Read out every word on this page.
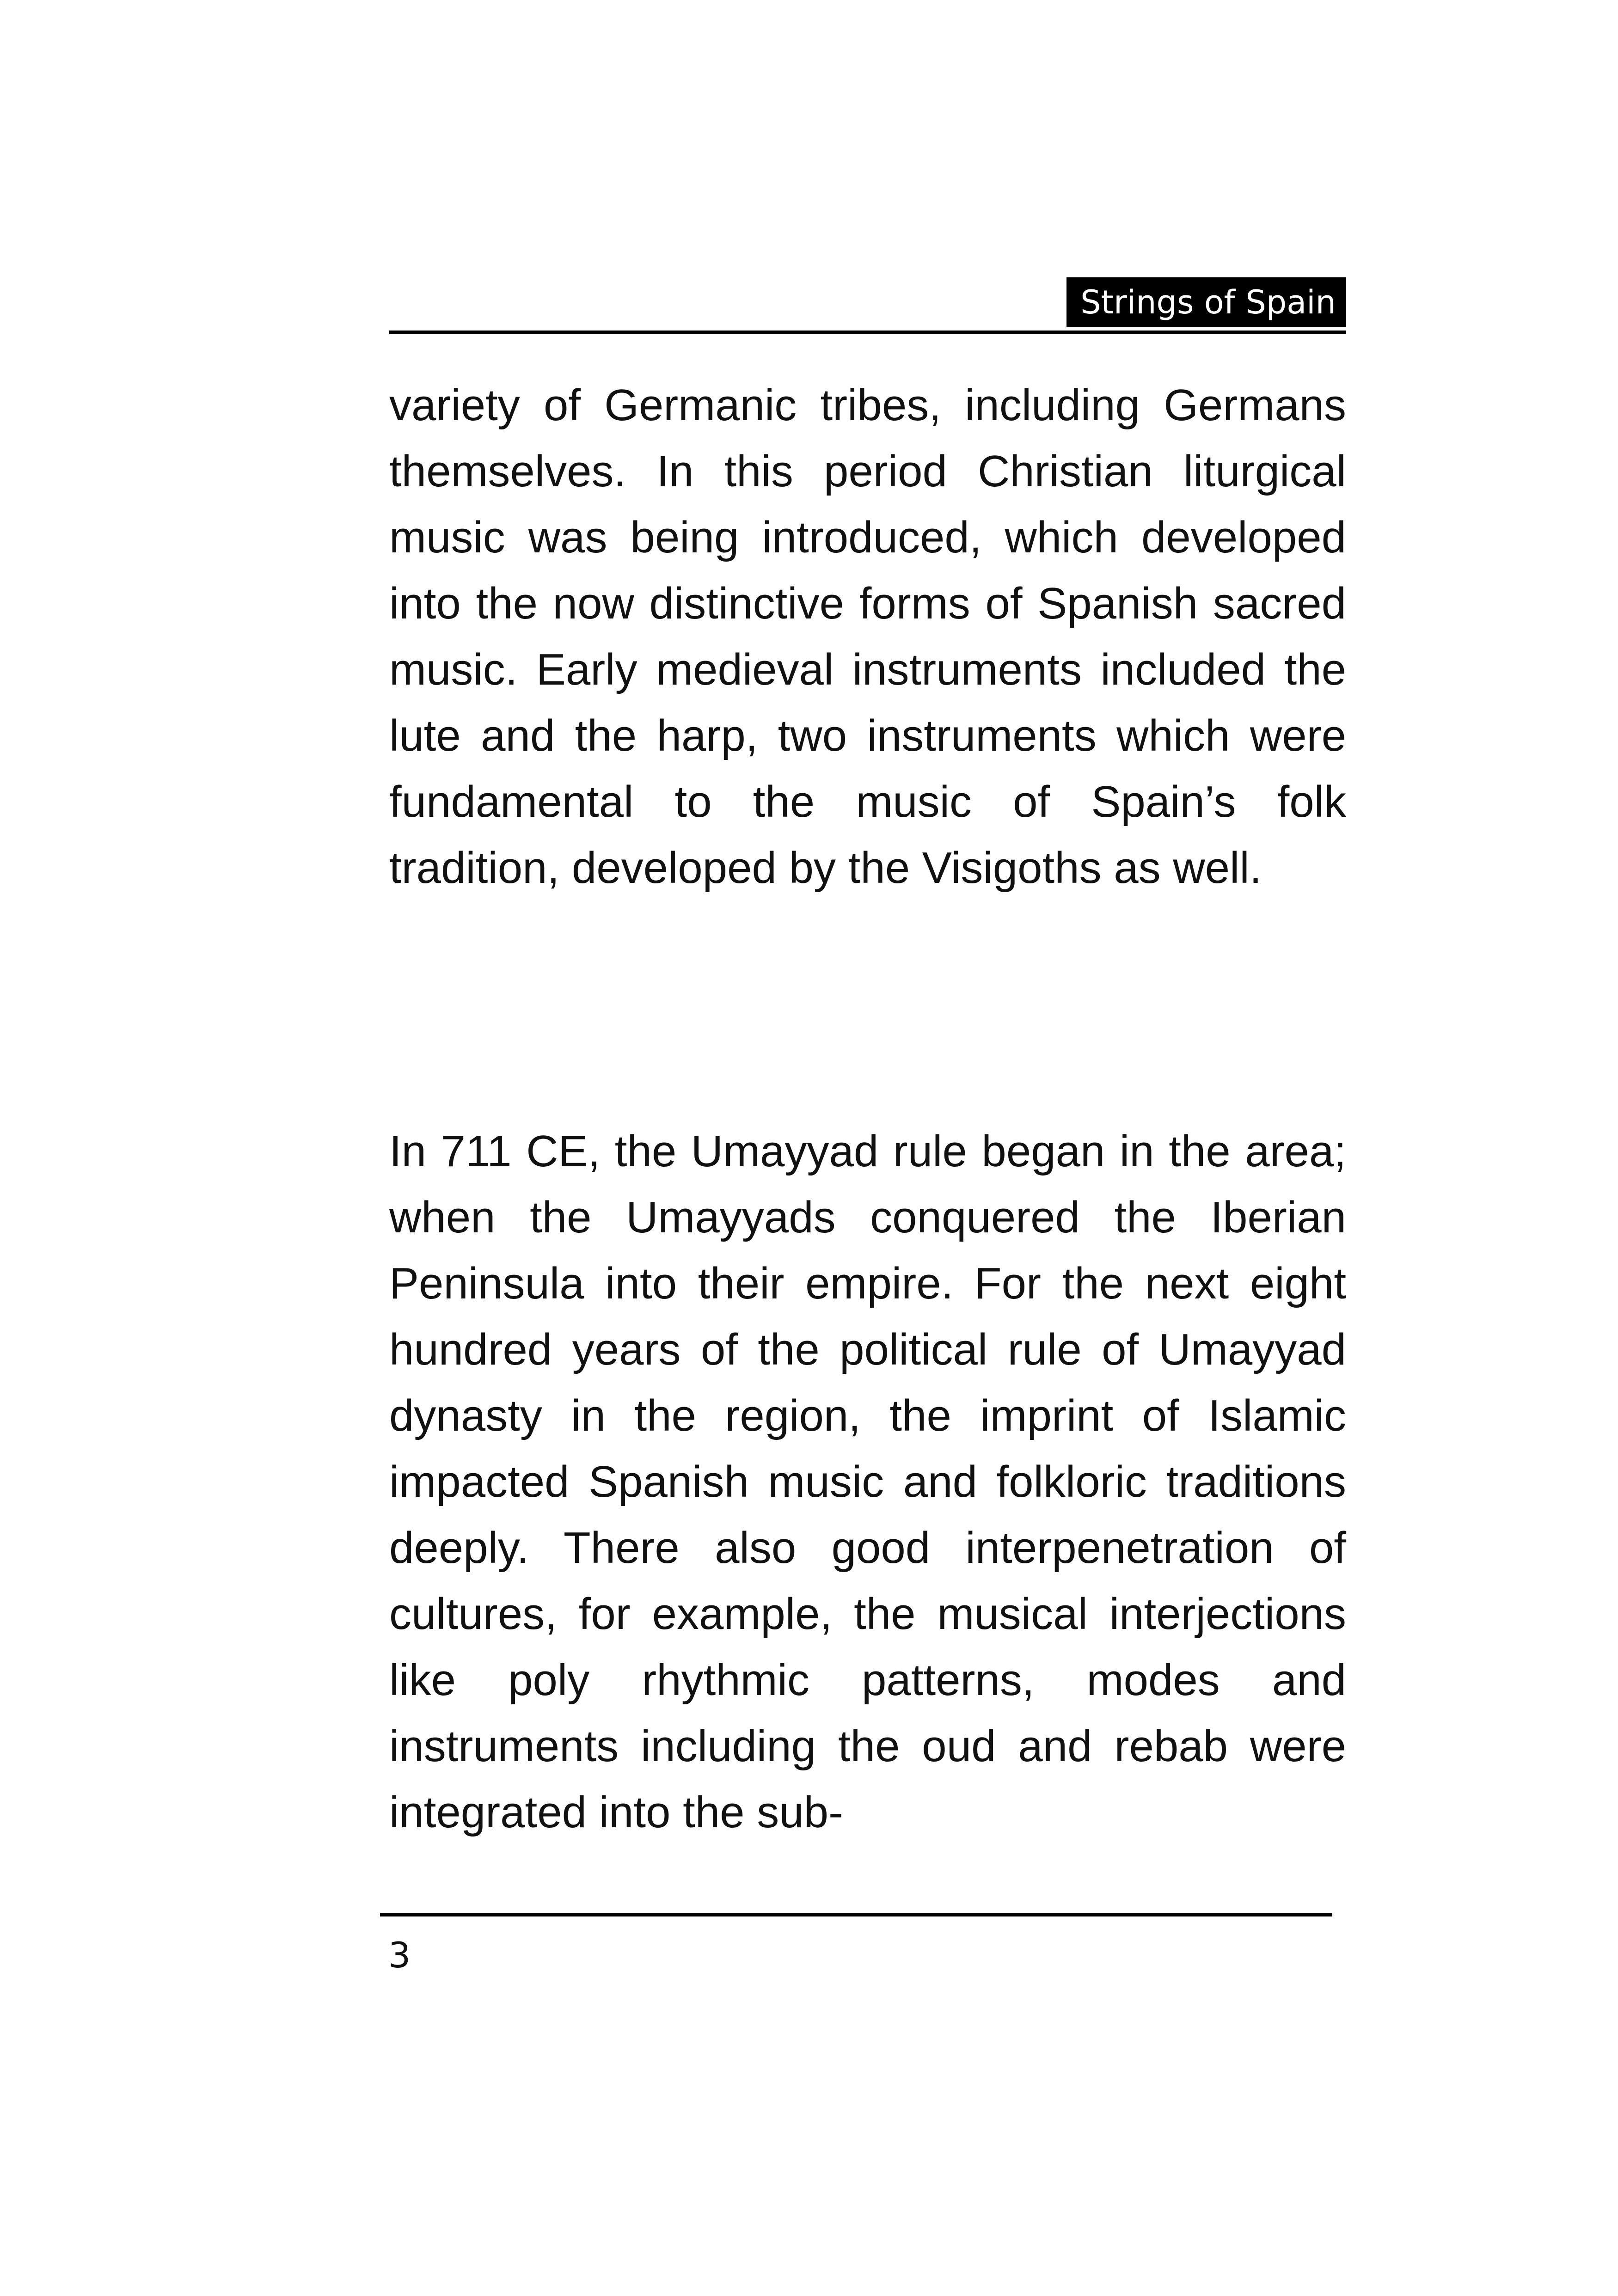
Strings of Spain

variety of Germanic tribes, including Germans themselves. In this period Christian liturgical music was being introduced, which developed into the now distinctive forms of Spanish sacred music. Early medieval instruments included the lute and the harp, two instruments which were fundamental to the music of Spain’s folk tradition, developed by the Visigoths as well.

In 711 CE, the Umayyad rule began in the area; when the Umayyads conquered the Iberian Peninsula into their empire. For the next eight hundred years of the political rule of Umayyad dynasty in the region, the imprint of Islamic impacted Spanish music and folkloric traditions deeply. There also good interpenetration of cultures, for example, the musical interjections like poly rhythmic patterns, modes and instruments including the oud and rebab were integrated into the sub-

3
